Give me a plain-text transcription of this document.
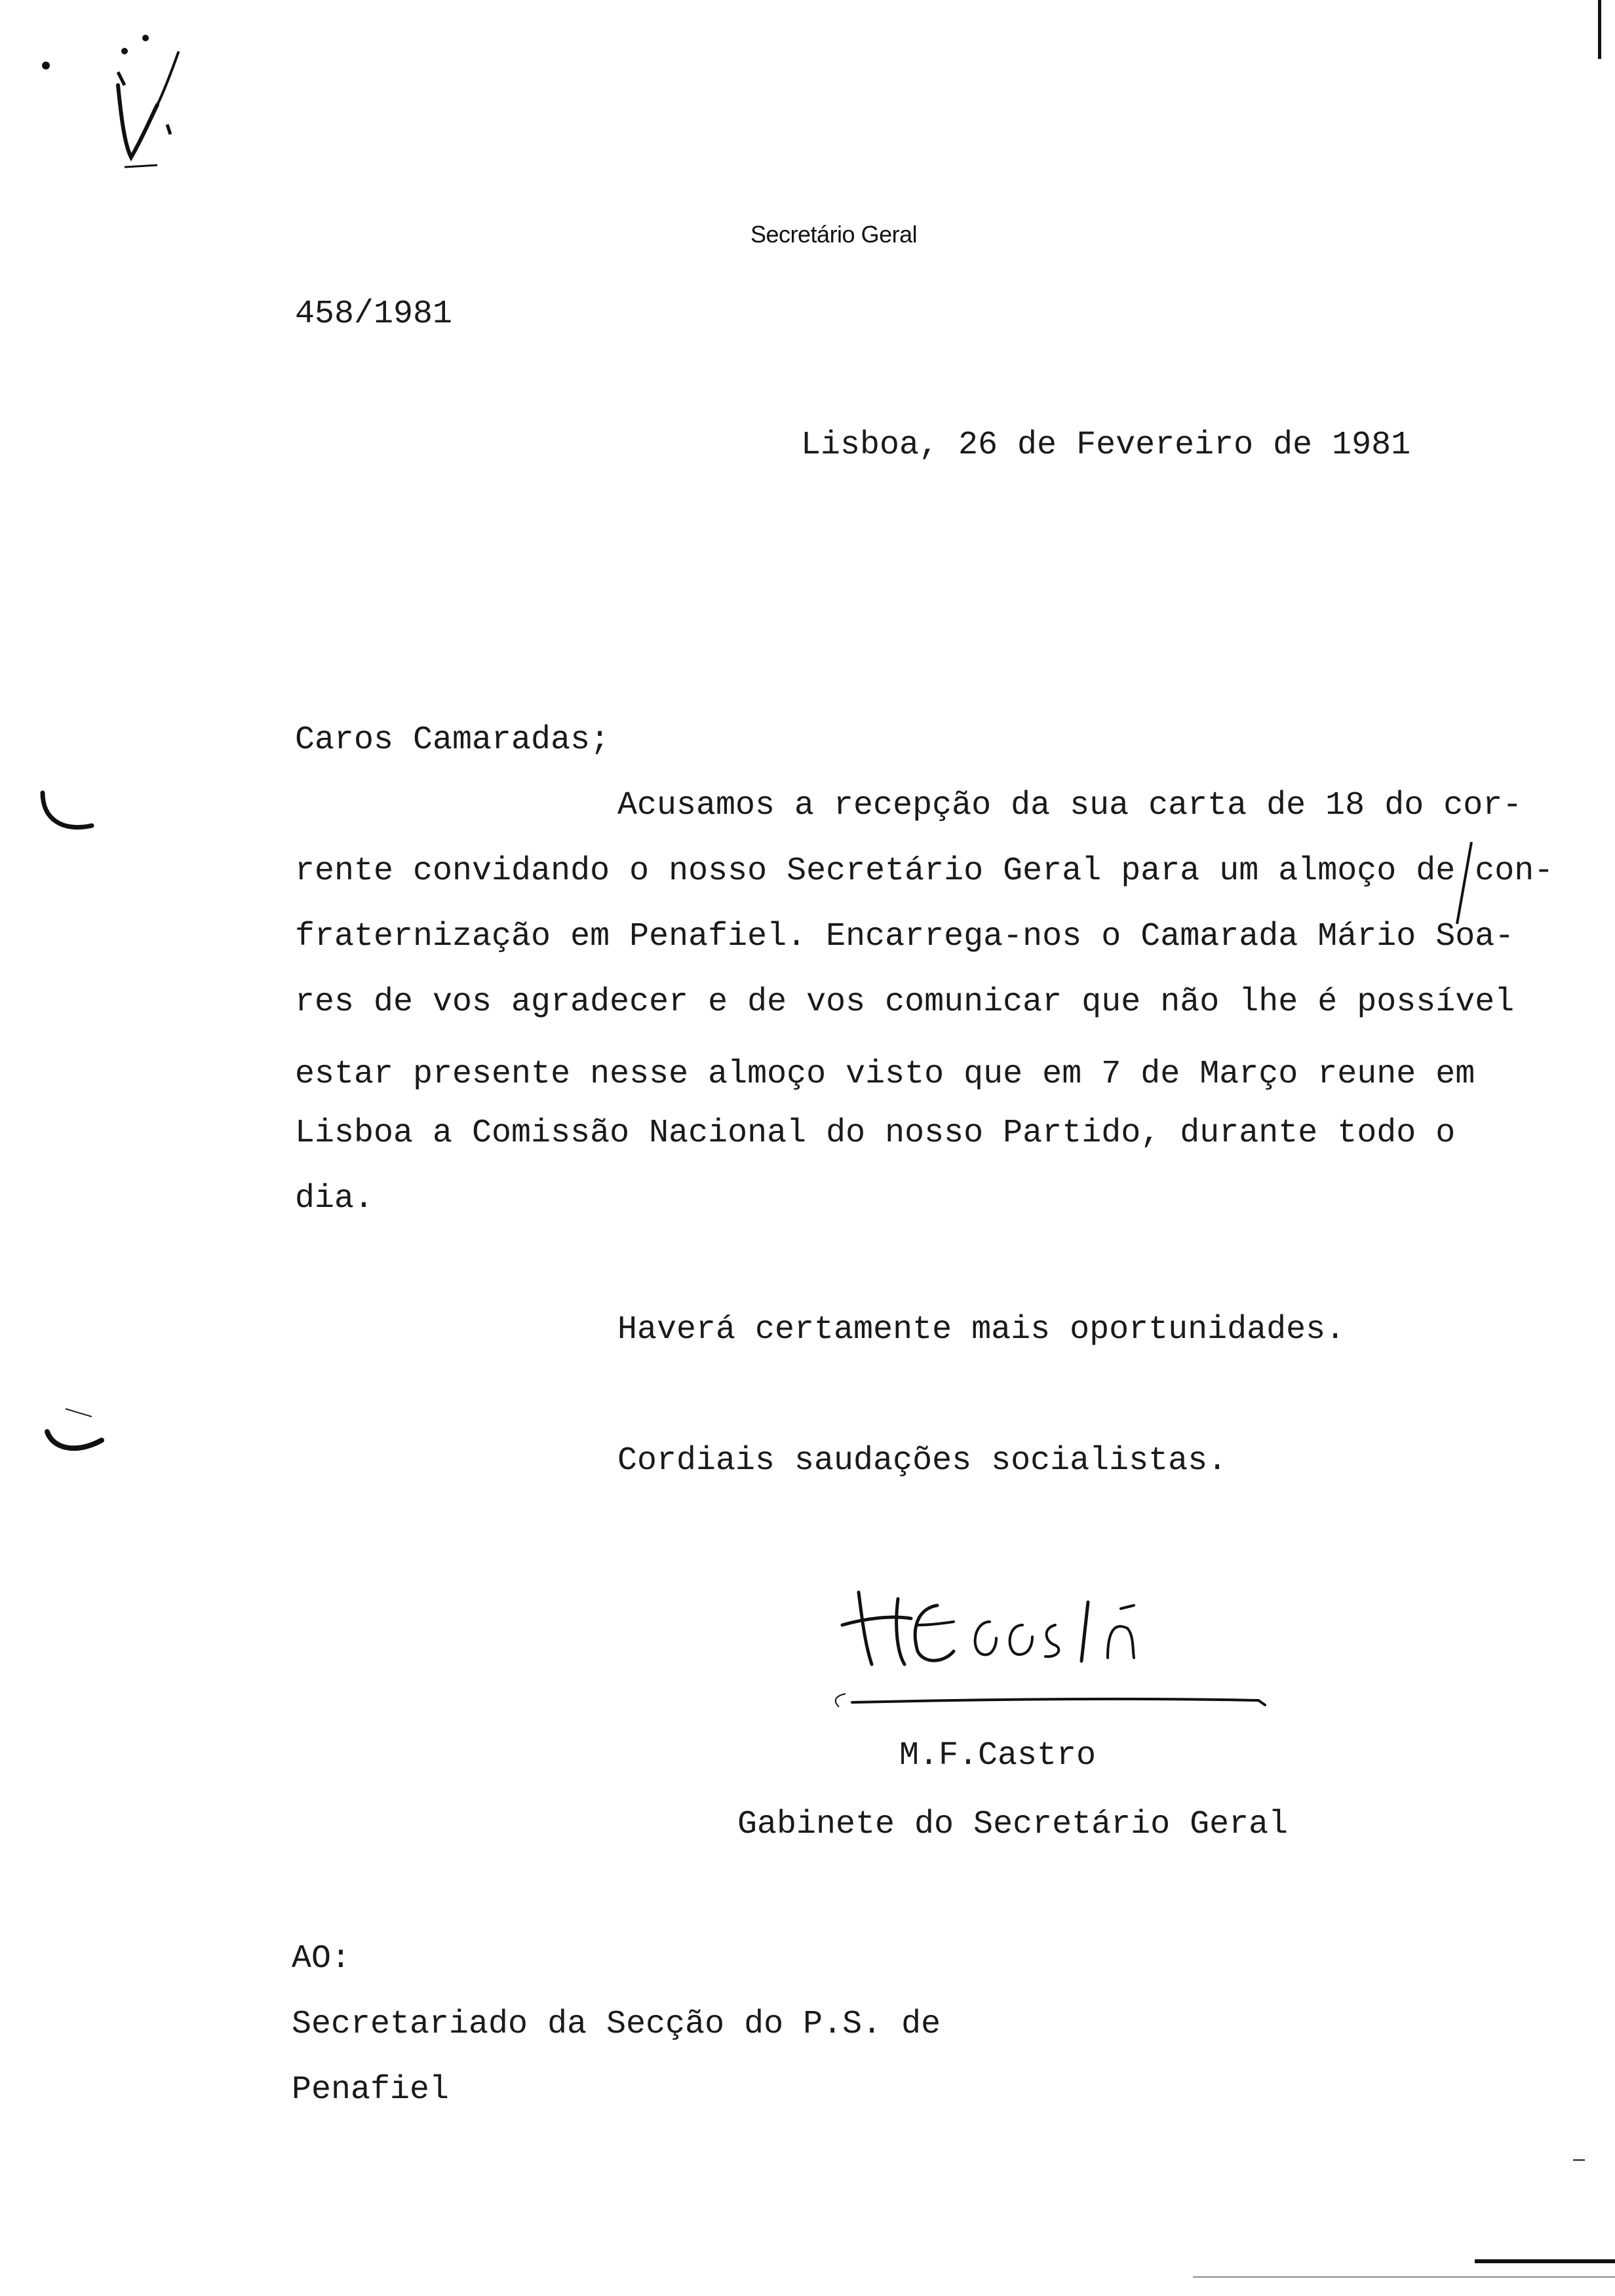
Secretário Geral
458/1981
Lisboa, 26 de Fevereiro de 1981
Caros Camaradas;
Acusamos a recepção da sua carta de 18 do cor-
rente convidando o nosso Secretário Geral para um almoço de con-
fraternização em Penafiel. Encarrega-nos o Camarada Mário Soa-
res de vos agradecer e de vos comunicar que não lhe é possível
estar presente nesse almoço visto que em 7 de Março reune em
Lisboa a Comissão Nacional do nosso Partido, durante todo o
dia.
Haverá certamente mais oportunidades.
Cordiais saudações socialistas.
M.F.Castro
Gabinete do Secretário Geral
AO:
Secretariado da Secção do P.S. de
Penafiel
